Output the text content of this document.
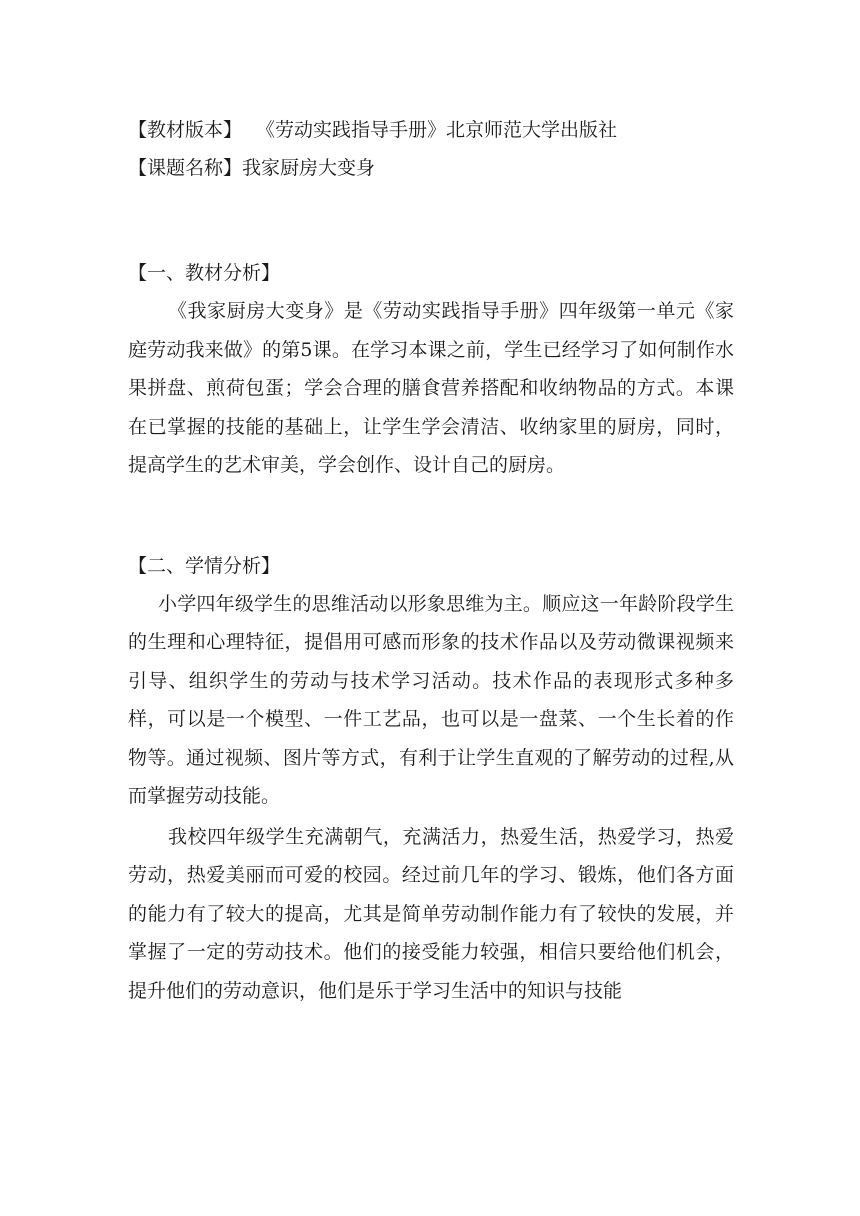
【教材版本】 《劳动实践指导手册》北京师范大学出版社

【课题名称】我家厨房大变身

【一、教材分析】

《我家厨房大变身》是《劳动实践指导手册》四年级第一单元《家庭劳动我来做》的第5课。在学习本课之前，学生已经学习了如何制作水果拼盘、煎荷包蛋；学会合理的膳食营养搭配和收纳物品的方式。本课在已掌握的技能的基础上，让学生学会清洁、收纳家里的厨房，同时，提高学生的艺术审美，学会创作、设计自己的厨房。

【二、学情分析】

小学四年级学生的思维活动以形象思维为主。顺应这一年龄阶段学生的生理和心理特征，提倡用可感而形象的技术作品以及劳动微课视频来引导、组织学生的劳动与技术学习活动。技术作品的表现形式多种多样，可以是一个模型、一件工艺品，也可以是一盘菜、一个生长着的作物等。通过视频、图片等方式，有利于让学生直观的了解劳动的过程,从而掌握劳动技能。

我校四年级学生充满朝气，充满活力，热爱生活，热爱学习，热爱劳动，热爱美丽而可爱的校园。经过前几年的学习、锻炼，他们各方面的能力有了较大的提高，尤其是简单劳动制作能力有了较快的发展，并掌握了一定的劳动技术。他们的接受能力较强，相信只要给他们机会，提升他们的劳动意识，他们是乐于学习生活中的知识与技能
